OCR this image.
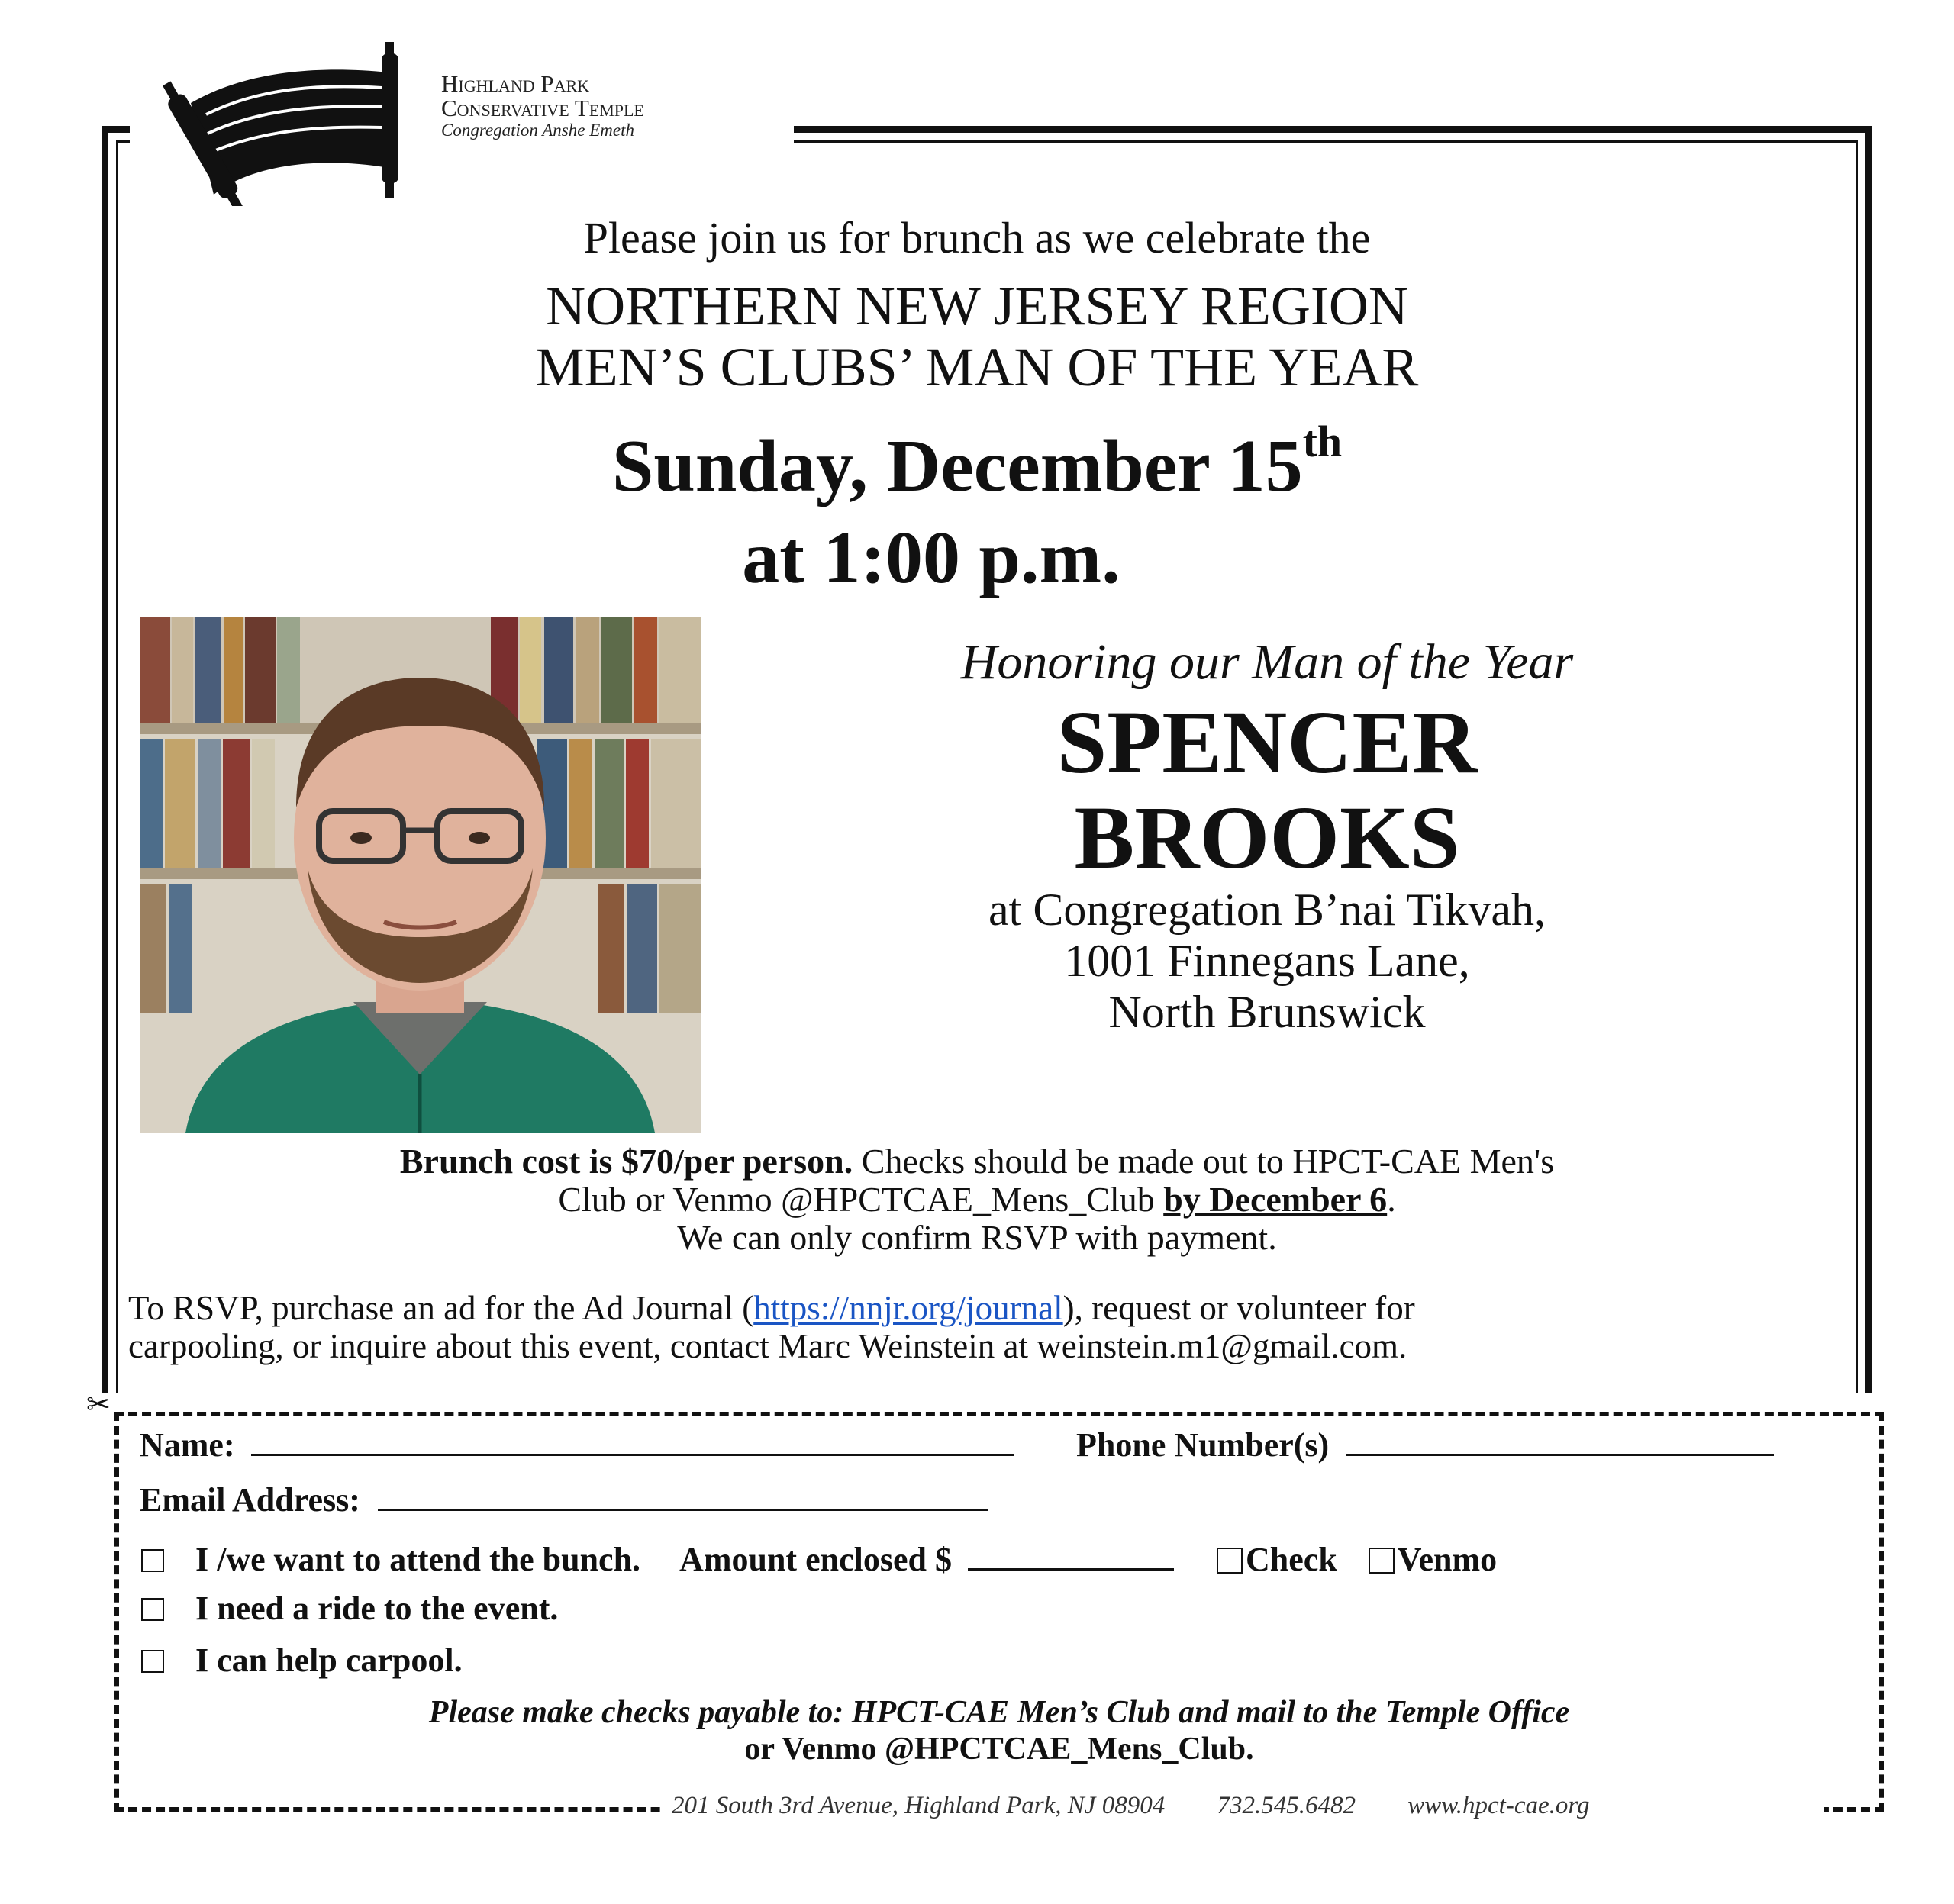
Highland Park
Conservative Temple
Congregation Anshe Emeth
Please join us for brunch as we celebrate the
NORTHERN NEW JERSEY REGION
MEN’S CLUBS’ MAN OF THE YEAR
Sunday, December 15th
at 1:00 p.m.
Honoring our Man of the Year
SPENCER
BROOKS
at Congregation B’nai Tikvah,
1001 Finnegans Lane,
North Brunswick
Brunch cost is $70/per person. Checks should be made out to HPCT-CAE Men's
Club or Venmo @HPCTCAE_Mens_Club by December 6.
We can only confirm RSVP with payment.
To RSVP, purchase an ad for the Ad Journal (https://nnjr.org/journal), request or volunteer for
carpooling, or inquire about this event, contact Marc Weinstein at weinstein.m1@gmail.com.
✂
Name:	Phone Number(s)
Email Address:
I /we want to attend the bunch. Amount enclosed $	Check Venmo
I need a ride to the event.
I can help carpool.
Please make checks payable to: HPCT-CAE Men’s Club and mail to the Temple Office
or Venmo @HPCTCAE_Mens_Club.
201 South 3rd Avenue, Highland Park, NJ 08904 732.545.6482 www.hpct-cae.org
